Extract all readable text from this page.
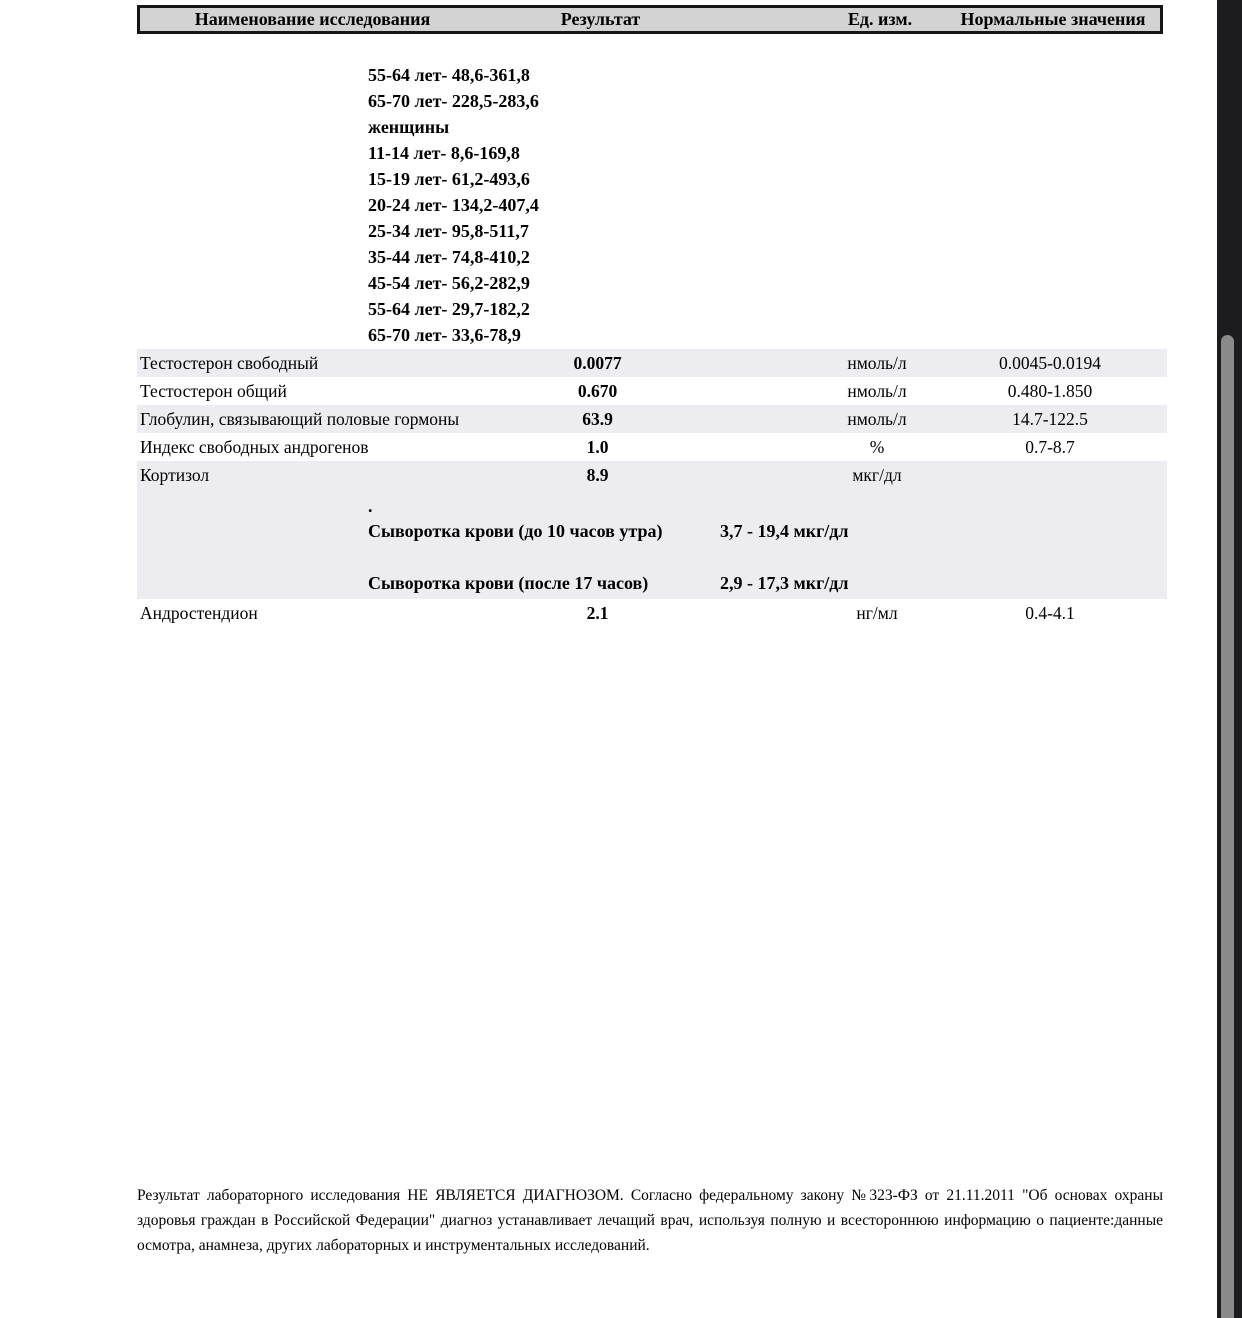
Наименование исследования	Результат	Ед. изм.	Нормальные значения
55-64 лет- 48,6-361,8
65-70 лет- 228,5-283,6
женщины
11-14 лет- 8,6-169,8
15-19 лет- 61,2-493,6
20-24 лет- 134,2-407,4
25-34 лет- 95,8-511,7
35-44 лет- 74,8-410,2
45-54 лет- 56,2-282,9
55-64 лет- 29,7-182,2
65-70 лет- 33,6-78,9
Тестостерон свободный	0.0077	нмоль/л	0.0045-0.0194
Тестостерон общий	0.670	нмоль/л	0.480-1.850
Глобулин, связывающий половые гормоны	63.9	нмоль/л	14.7-122.5
Индекс свободных андрогенов	1.0	%	0.7-8.7
Кортизол	8.9	мкг/дл
.
Сыворотка крови (до 10 часов утра)	3,7 - 19,4 мкг/дл
Сыворотка крови (после 17 часов)	2,9 - 17,3 мкг/дл
Андростендион	2.1	нг/мл	0.4-4.1
Результат лабораторного исследования НЕ ЯВЛЯЕТСЯ ДИАГНОЗОМ. Согласно федеральному закону №323-ФЗ от 21.11.2011 "Об основах охраны здоровья граждан в Российской Федерации" диагноз устанавливает лечащий врач, используя полную и всестороннюю информацию о пациенте:данные осмотра, анамнеза, других лабораторных и инструментальных исследований.
